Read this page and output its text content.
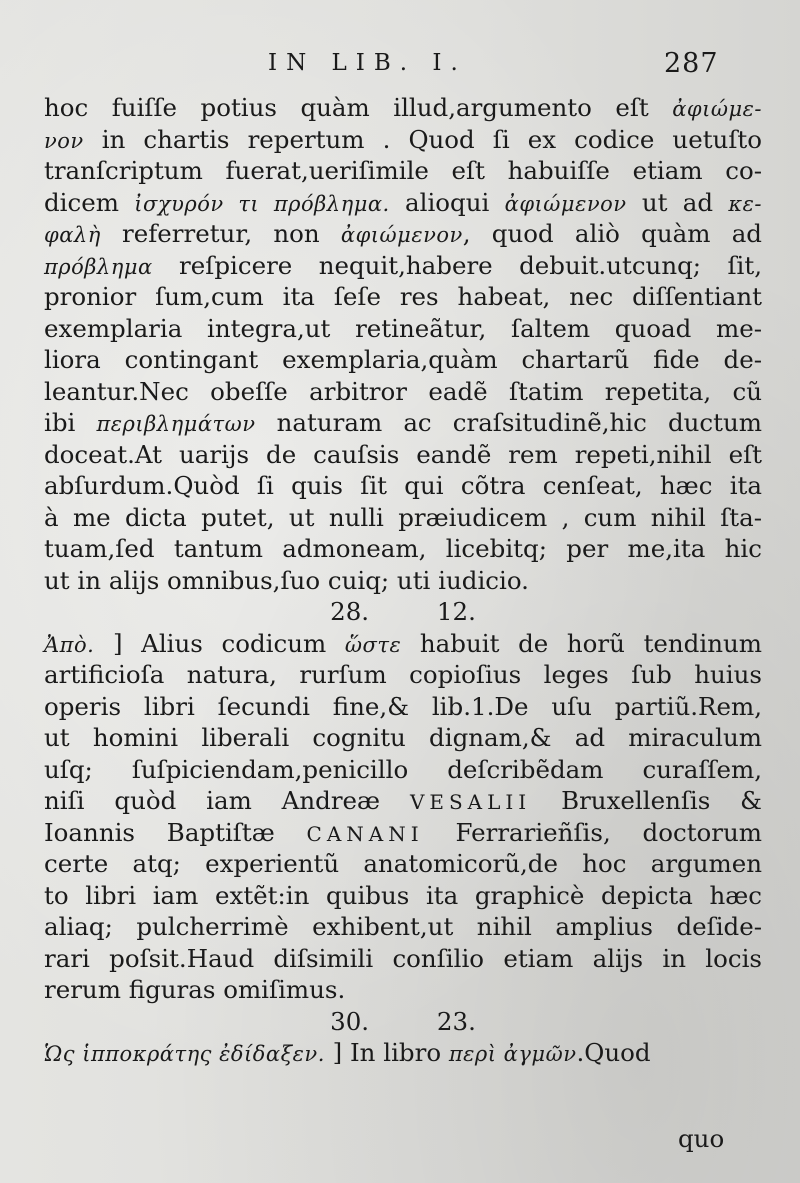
IN LIB. I.	287
hoc fuiſſe potius quàm illud,argumento eſt ἀφιώμε-
νον in chartis repertum . Quod ſi ex codice uetuſto
tranſcriptum fuerat,ueriſimile eſt habuiſſe etiam co-
dicem ἰσχυρόν τι πρόβλημα. alioqui ἀφιώμενον ut ad κε-
φαλὴ referretur, non ἀφιώμενον, quod aliò quàm ad
πρόβλημα reſpicere nequit,habere debuit.utcunq; ſit,
pronior ſum,cum ita ſeſe res habeat, nec diſſentiant
exemplaria integra,ut retineãtur, ſaltem quoad me-
liora contingant exemplaria,quàm chartarũ fide de-
leantur.Nec obeſſe arbitror eadẽ ſtatim repetita, cũ
ibi περιβλημάτων naturam ac craſsitudinẽ,hic ductum
doceat.At uarijs de cauſsis eandẽ rem repeti,nihil eſt
abſurdum.Quòd ſi quis ſit qui cõtra cenſeat, hæc ita
à me dicta putet, ut nulli præiudicem , cum nihil ſta-
tuam,ſed tantum admoneam, licebitq; per me,ita hic
ut in alijs omnibus,ſuo cuiq; uti iudicio.
28.	12.
Ἀπὸ. ] Alius codicum ὥστε habuit de horũ tendinum
artificioſa natura, rurſum copioſius leges ſub huius
operis libri ſecundi fine,& lib.1.De uſu partiũ.Rem,
ut homini liberali cognitu dignam,& ad miraculum
uſq; ſuſpiciendam,penicillo deſcribẽdam curaſſem,
niſi quòd iam Andreæ VESALII Bruxellenſis &
Ioannis Baptiſtæ CANANI Ferrarieñſis, doctorum
certe atq; experientũ anatomicorũ,de hoc argumen
to libri iam extẽt:in quibus ita graphicè depicta hæc
aliaq; pulcherrimè exhibent,ut nihil amplius deſide-
rari poſsit.Haud diſsimili conſilio etiam alijs in locis
rerum figuras omiſimus.
30.	23.
Ὡς ἱπποκράτης ἐδίδαξεν. ] In libro περὶ ἀγμῶν.Quod
quo
